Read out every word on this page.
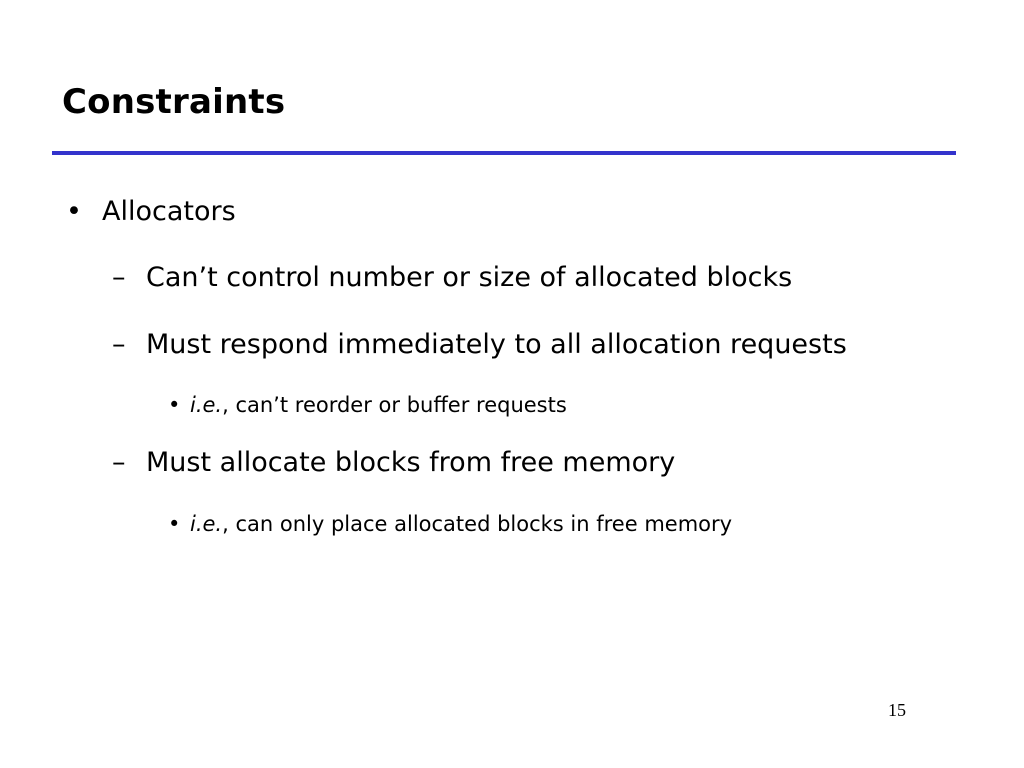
Constraints
• Allocators
– Can’t control number or size of allocated blocks
– Must respond immediately to all allocation requests
• i.e. , can’t reorder or buffer requests
– Must allocate blocks from free memory
• i.e. , can only place allocated blocks in free memory
15
